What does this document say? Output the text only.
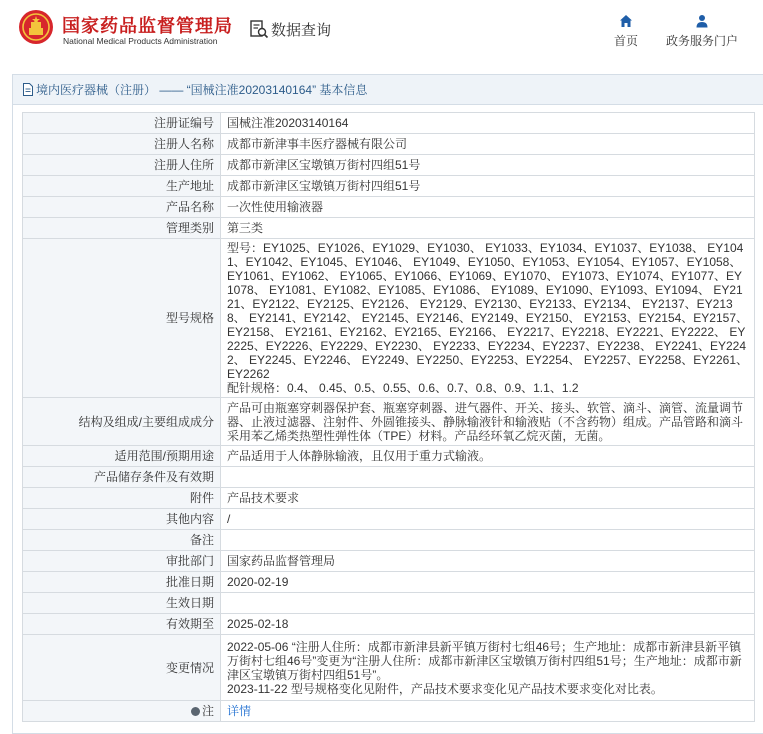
国家药品监督管理局
National Medical Products Administration
数据查询
首页	政务服务门户
境内医疗器械（注册） —— “国械注准20203140164” 基本信息
注册证编号	国械注准20203140164
注册人名称	成都市新津事丰医疗器械有限公司
注册人住所	成都市新津区宝墩镇万街村四组51号
生产地址	成都市新津区宝墩镇万街村四组51号
产品名称	一次性使用输液器
管理类别	第三类
型号规格	型号：EY1025、EY1026、EY1029、EY1030、 EY1033、EY1034、EY1037、EY1038、 EY1041、EY1042、EY1045、EY1046、 EY1049、EY1050、EY1053、EY1054、EY1057、EY1058、 EY1061、EY1062、 EY1065、EY1066、EY1069、EY1070、 EY1073、EY1074、EY1077、EY1078、 EY1081、EY1082、EY1085、EY1086、 EY1089、EY1090、EY1093、EY1094、 EY2121、EY2122、EY2125、EY2126、 EY2129、EY2130、EY2133、EY2134、 EY2137、EY2138、 EY2141、EY2142、 EY2145、EY2146、EY2149、EY2150、 EY2153、EY2154、EY2157、EY2158、 EY2161、EY2162、EY2165、EY2166、 EY2217、EY2218、EY2221、EY2222、 EY2225、EY2226、EY2229、EY2230、 EY2233、EY2234、EY2237、EY2238、 EY2241、EY2242、 EY2245、EY2246、 EY2249、EY2250、EY2253、EY2254、 EY2257、EY2258、EY2261、EY2262
配针规格：0.4、 0.45、0.5、0.55、0.6、0.7、0.8、0.9、1.1、1.2
结构及组成/主要组成成分	产品可由瓶塞穿刺器保护套、瓶塞穿刺器、进气器件、开关、接头、软管、滴斗、滴管、流量调节器、止液过滤器、注射件、外圆锥接头、静脉输液针和输液贴（不含药物）组成。产品管路和滴斗采用苯乙烯类热塑性弹性体（TPE）材料。产品经环氧乙烷灭菌，无菌。
适用范围/预期用途	产品适用于人体静脉输液，且仅用于重力式输液。
产品储存条件及有效期	
附件	产品技术要求
其他内容	/
备注	
审批部门	国家药品监督管理局
批准日期	2020-02-19
生效日期	
有效期至	2025-02-18
变更情况	2022-05-06 “注册人住所：成都市新津县新平镇万街村七组46号；生产地址：成都市新津县新平镇万街村七组46号”变更为“注册人住所：成都市新津区宝墩镇万街村四组51号；生产地址：成都市新津区宝墩镇万街村四组51号”。
2023-11-22 型号规格变化见附件，产品技术要求变化见产品技术要求变化对比表。
注	详情
